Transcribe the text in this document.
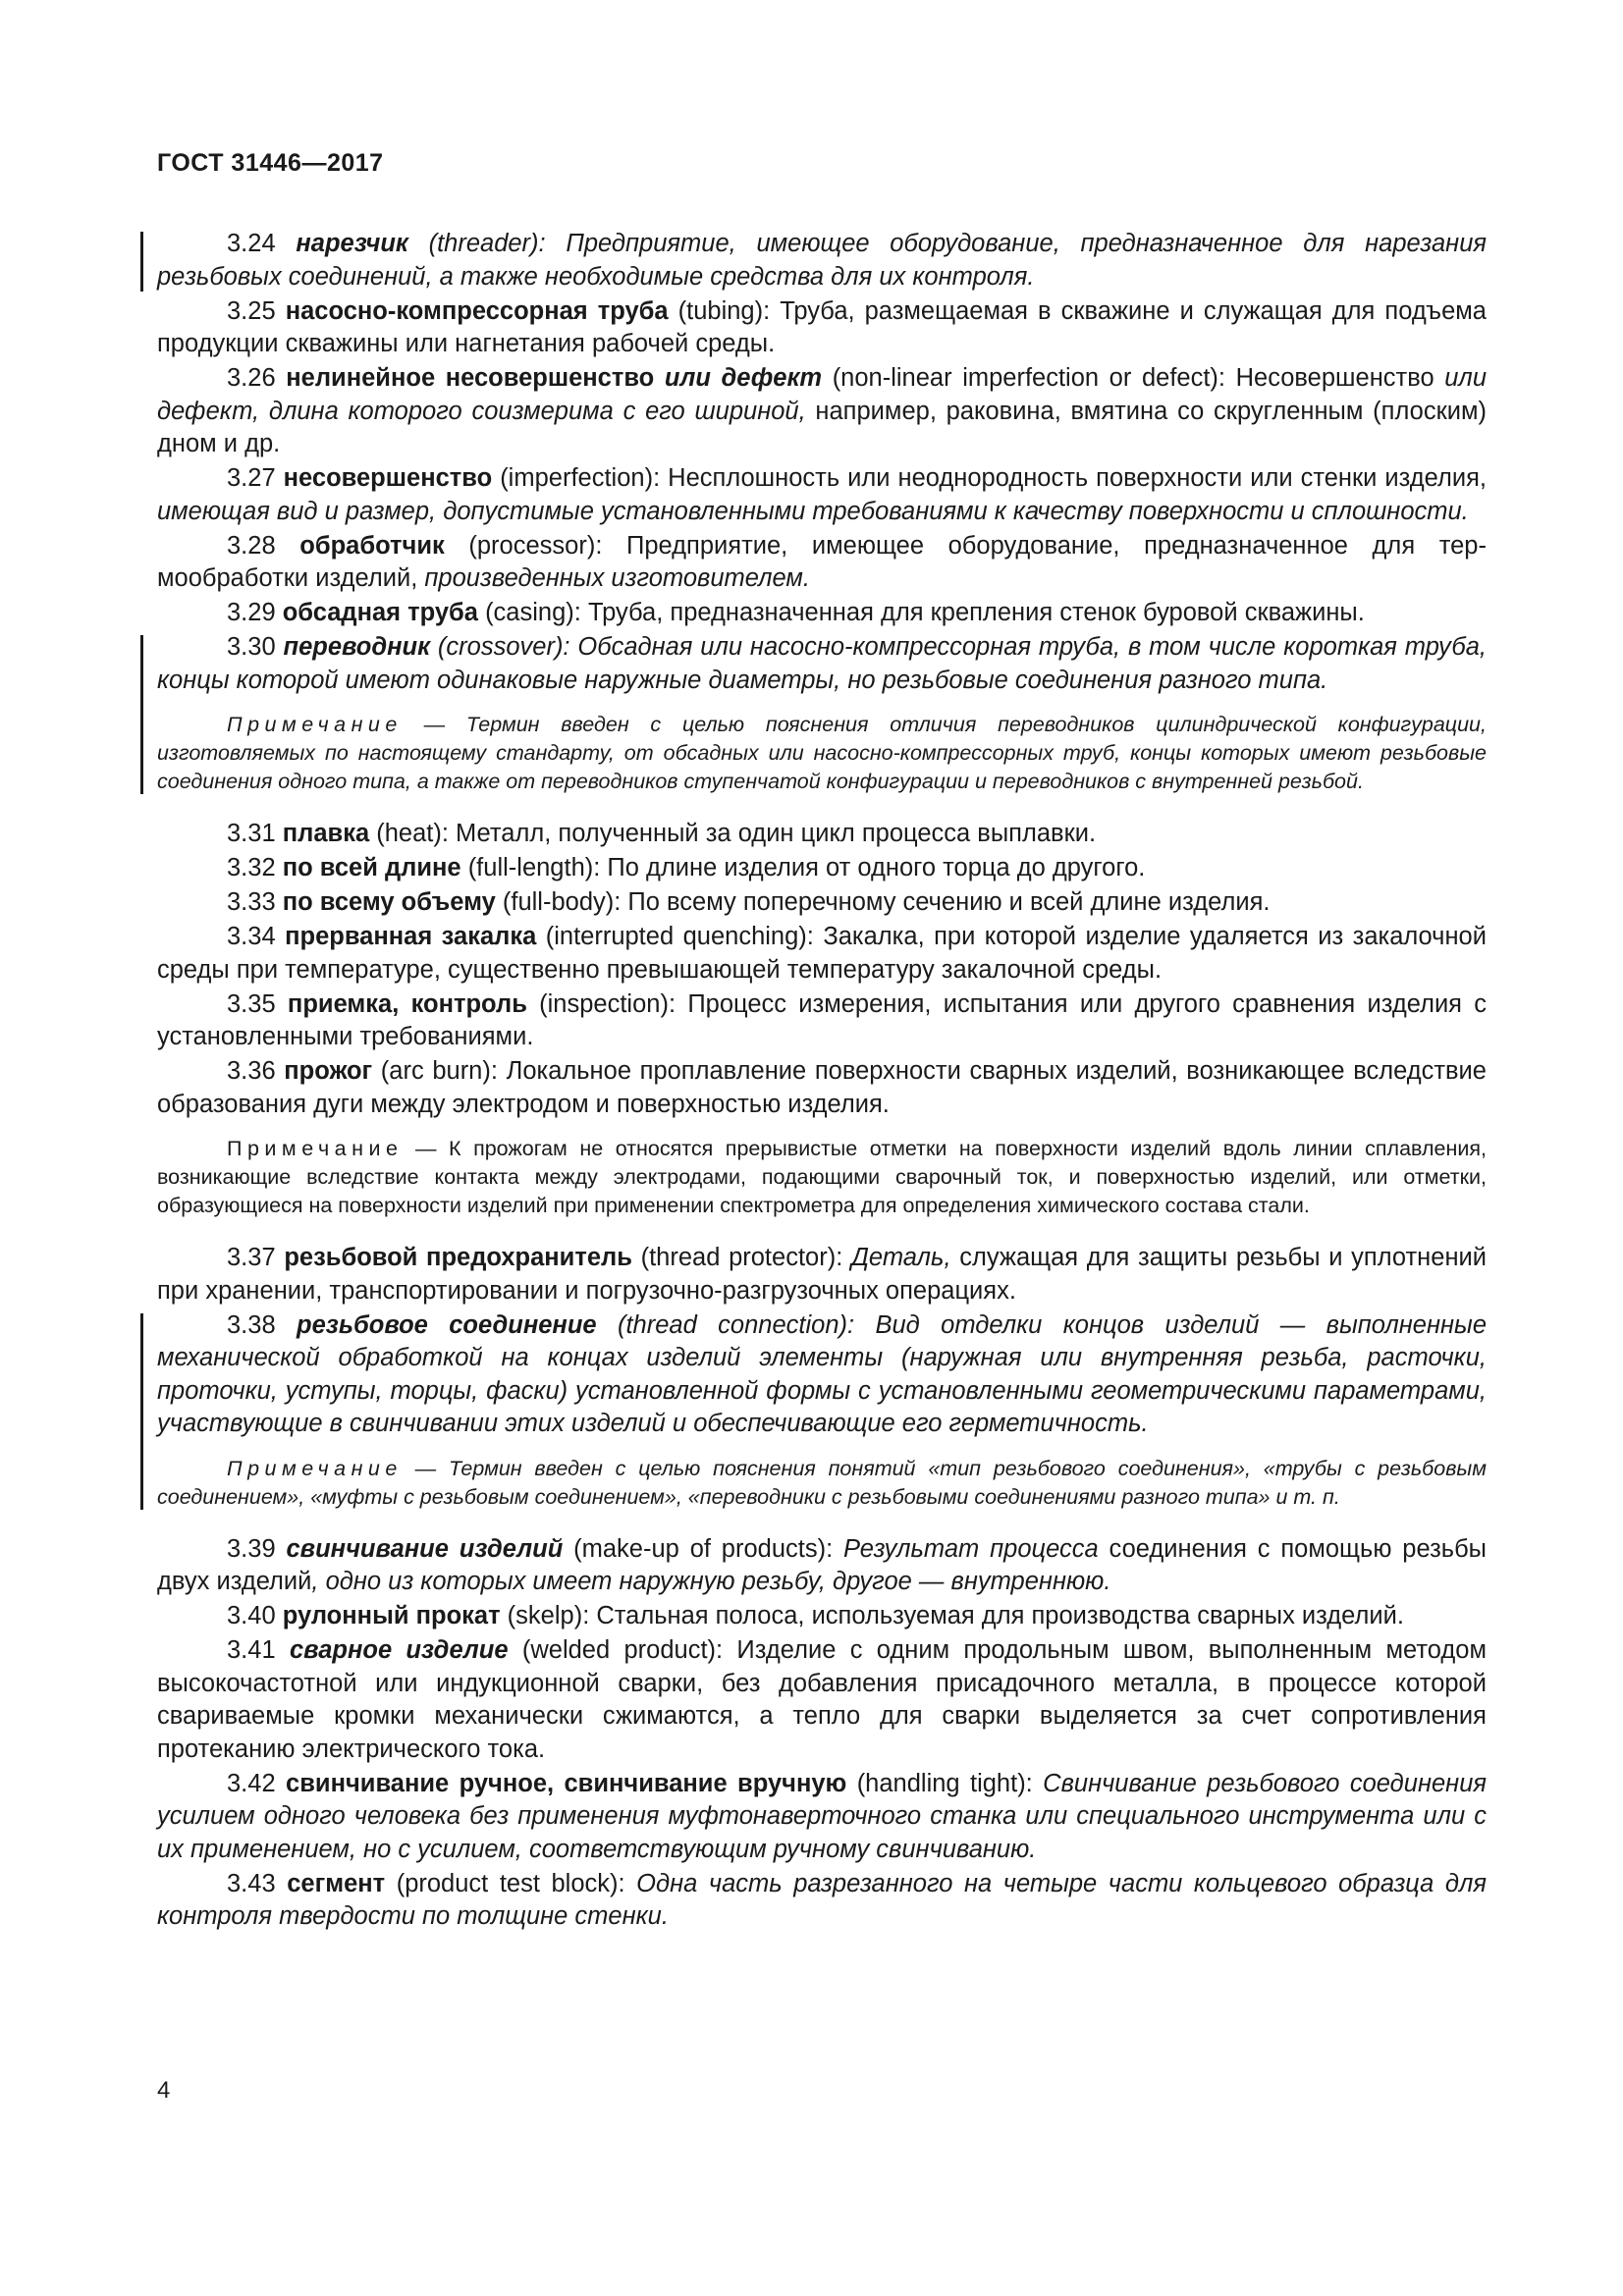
ГОСТ 31446—2017

3.24 нарезчик (threader): Предприятие, имеющее оборудование, предназначенное для нарезания резьбовых соединений, а также необходимые средства для их контроля.

3.25 насосно-компрессорная труба (tubing): Труба, размещаемая в скважине и служащая для подъема продукции скважины или нагнетания рабочей среды.

3.26 нелинейное несовершенство или дефект (non-linear imperfection or defect): Несовершенство или дефект, длина которого соизмерима с его шириной, например, раковина, вмятина со скругленным (плоским) дном и др.

3.27 несовершенство (imperfection): Несплошность или неоднородность поверхности или стенки изделия, имеющая вид и размер, допустимые установленными требованиями к качеству поверхности и сплошности.

3.28 обработчик (processor): Предприятие, имеющее оборудование, предназначенное для термообработки изделий, произведенных изготовителем.

3.29 обсадная труба (casing): Труба, предназначенная для крепления стенок буровой скважины.

3.30 переводник (crossover): Обсадная или насосно-компрессорная труба, в том числе короткая труба, концы которой имеют одинаковые наружные диаметры, но резьбовые соединения разного типа.

Примечание — Термин введен с целью пояснения отличия переводников цилиндрической конфигурации, изготовляемых по настоящему стандарту, от обсадных или насосно-компрессорных труб, концы которых имеют резьбовые соединения одного типа, а также от переводников ступенчатой конфигурации и переводников с внутренней резьбой.

3.31 плавка (heat): Металл, полученный за один цикл процесса выплавки.

3.32 по всей длине (full-length): По длине изделия от одного торца до другого.

3.33 по всему объему (full-body): По всему поперечному сечению и всей длине изделия.

3.34 прерванная закалка (interrupted quenching): Закалка, при которой изделие удаляется из закалочной среды при температуре, существенно превышающей температуру закалочной среды.

3.35 приемка, контроль (inspection): Процесс измерения, испытания или другого сравнения изделия с установленными требованиями.

3.36 прожог (arc burn): Локальное проплавление поверхности сварных изделий, возникающее вследствие образования дуги между электродом и поверхностью изделия.

Примечание — К прожогам не относятся прерывистые отметки на поверхности изделий вдоль линии сплавления, возникающие вследствие контакта между электродами, подающими сварочный ток, и поверхностью изделий, или отметки, образующиеся на поверхности изделий при применении спектрометра для определения химического состава стали.

3.37 резьбовой предохранитель (thread protector): Деталь, служащая для защиты резьбы и уплотнений при хранении, транспортировании и погрузочно-разгрузочных операциях.

3.38 резьбовое соединение (thread connection): Вид отделки концов изделий — выполненные механической обработкой на концах изделий элементы (наружная или внутренняя резьба, расточки, проточки, уступы, торцы, фаски) установленной формы с установленными геометрическими параметрами, участвующие в свинчивании этих изделий и обеспечивающие его герметичность.

Примечание — Термин введен с целью пояснения понятий «тип резьбового соединения», «трубы с резьбовым соединением», «муфты с резьбовым соединением», «переводники с резьбовыми соединениями разного типа» и т. п.

3.39 свинчивание изделий (make-up of products): Результат процесса соединения с помощью резьбы двух изделий, одно из которых имеет наружную резьбу, другое — внутреннюю.

3.40 рулонный прокат (skelp): Стальная полоса, используемая для производства сварных изделий.

3.41 сварное изделие (welded product): Изделие с одним продольным швом, выполненным методом высокочастотной или индукционной сварки, без добавления присадочного металла, в процессе которой свариваемые кромки механически сжимаются, а тепло для сварки выделяется за счет сопротивления протеканию электрического тока.

3.42 свинчивание ручное, свинчивание вручную (handling tight): Свинчивание резьбового соединения усилием одного человека без применения муфтонаверточного станка или специального инструмента или с их применением, но с усилием, соответствующим ручному свинчиванию.

3.43 сегмент (product test block): Одна часть разрезанного на четыре части кольцевого образца для контроля твердости по толщине стенки.

4
